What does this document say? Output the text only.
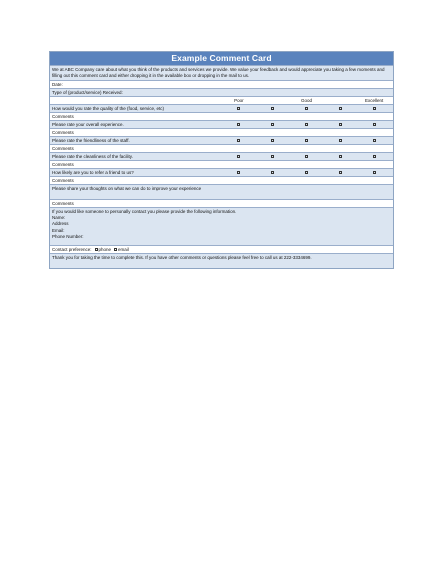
Example Comment Card
We at ABC Company care about what you think of the products and services we provide. We value your feedback and would appreciate you taking a few moments and filling out this comment card and either dropping it in the available box or dropping in the mail to us.
Date:
Type of (product/service) Received:
Poor	Good	Excellent
How would you rate the quality of the (food, service, etc)
Comments
Please rate your overall experience.
Comments
Please rate the friendliness of the staff.
Comments
Please rate the cleanliness of the facility.
Comments
How likely are you to refer a friend to us?
Comments
Please share your thoughts on what we can do to improve your experience
Comments
If you would like someone to personally contact you please provide the following information.
Name:
Address
Email:
Phone Number:
Contact preference: phone email
Thank you for taking the time to complete this. If you have other comments or questions please feel free to call us at 222-3334699.
